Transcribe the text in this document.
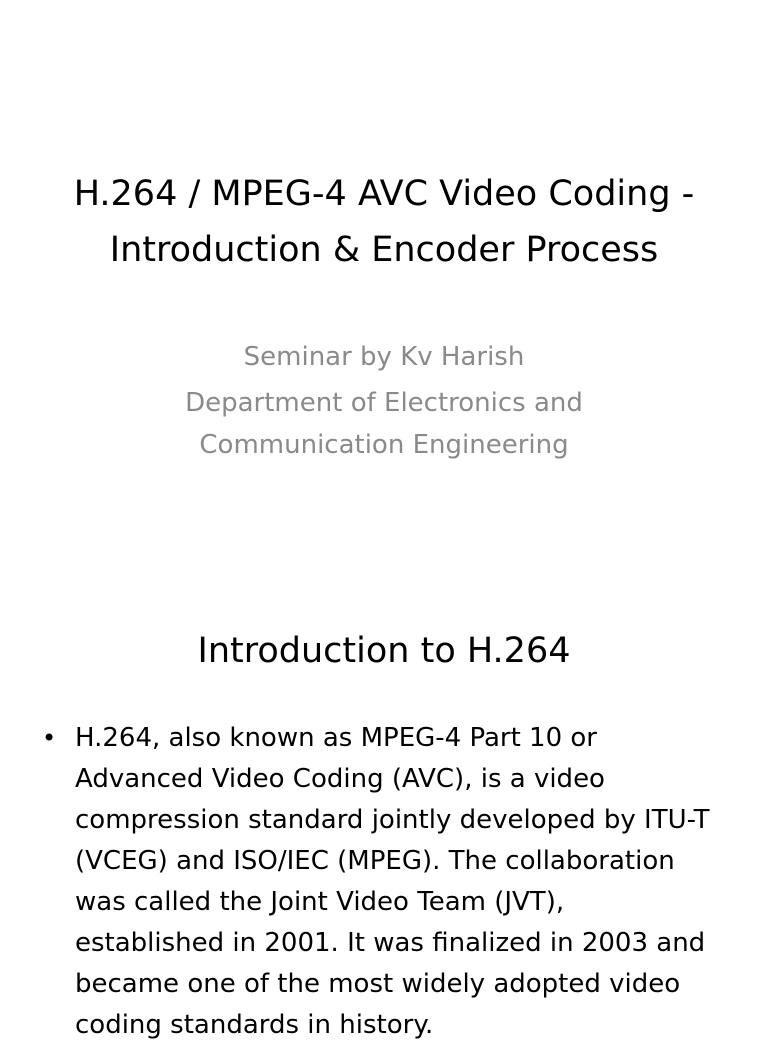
H.264 / MPEG-4 AVC Video Coding - Introduction & Encoder Process

Seminar by Kv Harish

Department of Electronics and Communication Engineering

Introduction to H.264
• H.264, also known as MPEG-4 Part 10 or Advanced Video Coding (AVC), is a video compression standard jointly developed by ITU-T (VCEG) and ISO/IEC (MPEG). The collaboration was called the Joint Video Team (JVT), established in 2001. It was finalized in 2003 and became one of the most widely adopted video coding standards in history.
